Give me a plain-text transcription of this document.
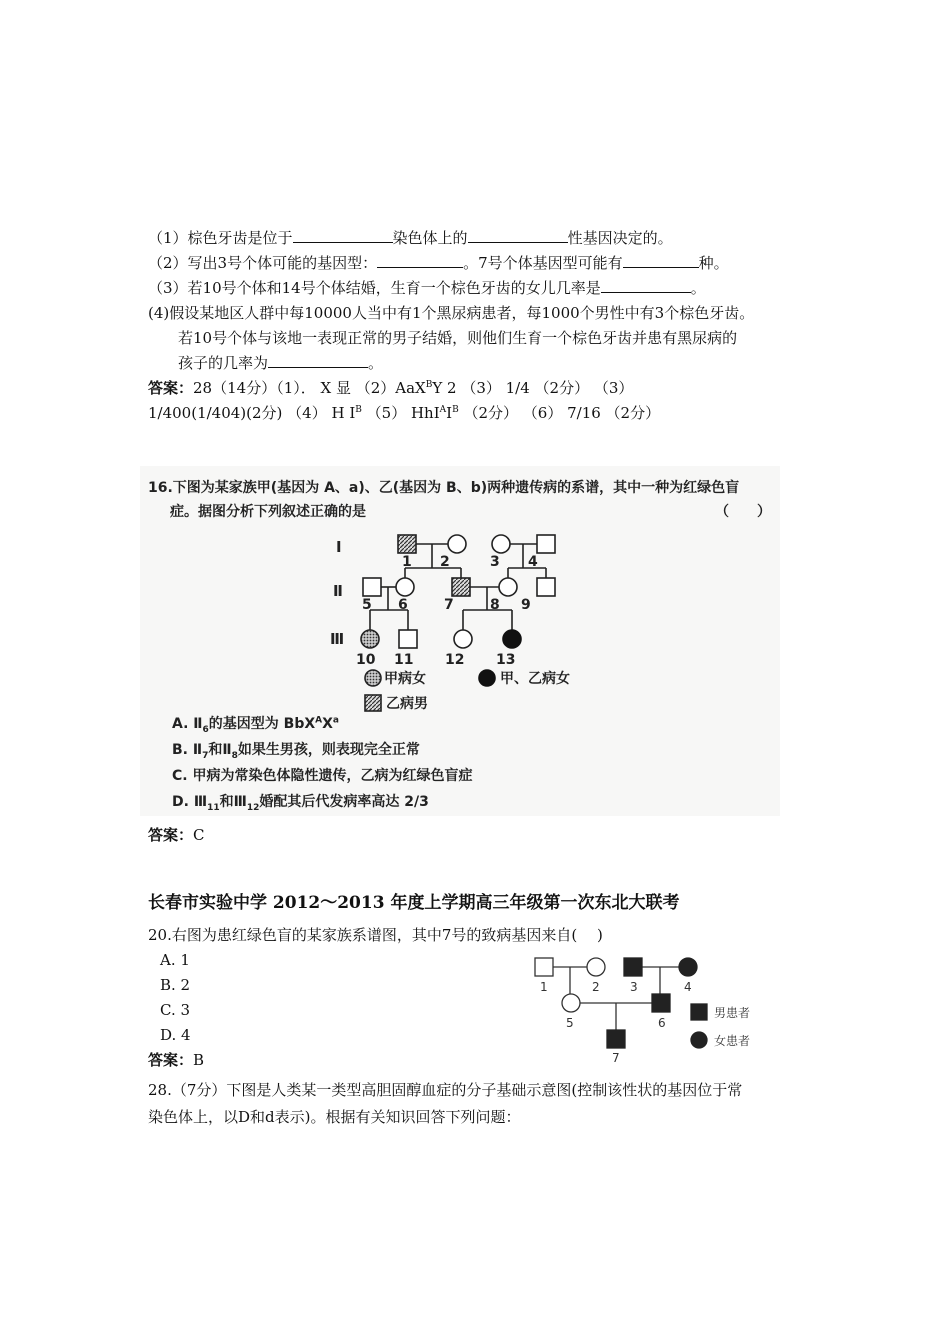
（1）棕色牙齿是位于	染色体上的	性基因决定的。
（2）写出3号个体可能的基因型：	。7号个体基因型可能有	种。
（3）若10号个体和14号个体结婚，生育一个棕色牙齿的女儿几率是	。
(4)假设某地区人群中每10000人当中有1个黑尿病患者，每1000个男性中有3个棕色牙齿。
若10号个体与该地一表现正常的男子结婚，则他们生育一个棕色牙齿并患有黑尿病的
孩子的几率为	。
答案：28（14分）（1）． X 显 （2）AaX$^B$Y 2 （3） 1/4 （2分） （3）
1/400(1/404)(2分) （4） H $I^B$ （5） $HhI^AI^B$ （2分） （6） 7/16 （2分）
16.下图为某家族甲(基因为 A、a)、乙(基因为 B、b)两种遗传病的系谱，其中一种为红绿色盲
症。据图分析下列叙述正确的是	（　　）
Ⅰ
Ⅱ
Ⅲ
1 2	3 4
5 6	7	8 9
10 11 12 13
甲病女	甲、乙病女
乙病男
A. $Ⅱ_6$的基因型为 $BbX^AX^a$
B. $Ⅱ_7$和$Ⅱ_8$如果生男孩，则表现完全正常
C. 甲病为常染色体隐性遗传，乙病为红绿色盲症
D. $Ⅲ_{11}$和$Ⅲ_{12}$婚配其后代发病率高达 2/3
答案：C
长春市实验中学 2012～2013 年度上学期高三年级第一次东北大联考
20.右图为患红绿色盲的某家族系谱图，其中7号的致病基因来自(　 )
A. 1
B. 2
C. 3
D. 4
答案：B
1	2	3	4
5	6
7
男患者
女患者
28.（7分）下图是人类某一类型高胆固醇血症的分子基础示意图(控制该性状的基因位于常
染色体上，以D和d表示)。根据有关知识回答下列问题：
